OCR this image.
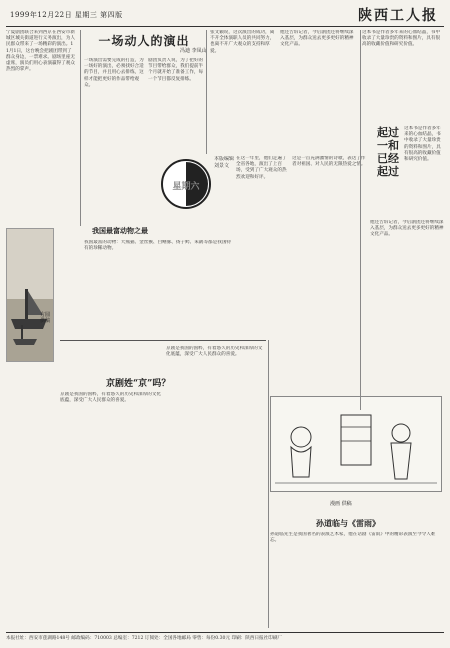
1999年12月22日 星期三 第四版	陕西工人报
宁夏剧团联合来到西京在西安市新城区城关街道进行义务演出，为人民群众带来了一场精彩的演出。11月1日，这台晚会把剧团带到了群众身边，一票难求。剧场里座无虚席，演员们用心表演赢得了观众热烈的掌声。
一场动人的演出
冯迪 李凤山
一场演出需要完成的打造，为一场好的演出，必须找好合适的节目，并且用心去排练，这样才能把更好的作品带给观众。
剧团负责人说，为了把好的节目带给群众，我们提前半个月就开始了准备工作，每一个节目都反复排练。
张文颖说，这次演出的成功，离不开全体演职人员的共同努力，也离不开广大观众的支持和厚爱。
他还告诉记者，今后剧团还将继续深入基层，为群众送去更多更好的精神文化产品。
这本书是作者多年来的心血结晶，书中收录了大量珍贵的资料和图片，具有很高的收藏价值和研究价值。
起过一和已经起过
这本书是作者多年来的心血结晶，书中收录了大量珍贵的资料和图片，具有很高的收藏价值和研究价值。
方圆 供稿
星期六
本版编辑 刘景文
在这一年里，他们走遍了全省各地，演出了上百场，受到了广大观众的热烈欢迎和好评。
这是一首充满激情的诗歌，表达了作者对祖国、对人民的无限热爱之情。
我国最富动物之最
我国最富的动物：大熊猫、金丝猴、白鳍豚、扬子鳄、朱鹮等都是我国特有的珍稀动物。
京剧姓“京”吗？
京剧是我国的国粹，有着悠久的历史和深厚的文化底蕴，深受广大人民群众的喜爱。
京剧是我国的国粹，有着悠久的历史和深厚的文化底蕴，深受广大人民群众的喜爱。
漫画 供稿
孙道临与《雷雨》
孙道临先生是我国著名的表演艺术家，他在话剧《雷雨》中的精彩表演至今令人难忘。
他还告诉记者，今后剧团还将继续深入基层，为群众送去更多更好的精神文化产品。
本报社址：西安市莲湖路148号 邮政编码：710003 总编室：7212 订阅处：全国各地邮局 零售：每份0.30元 印刷：陕西日报社印刷厂
